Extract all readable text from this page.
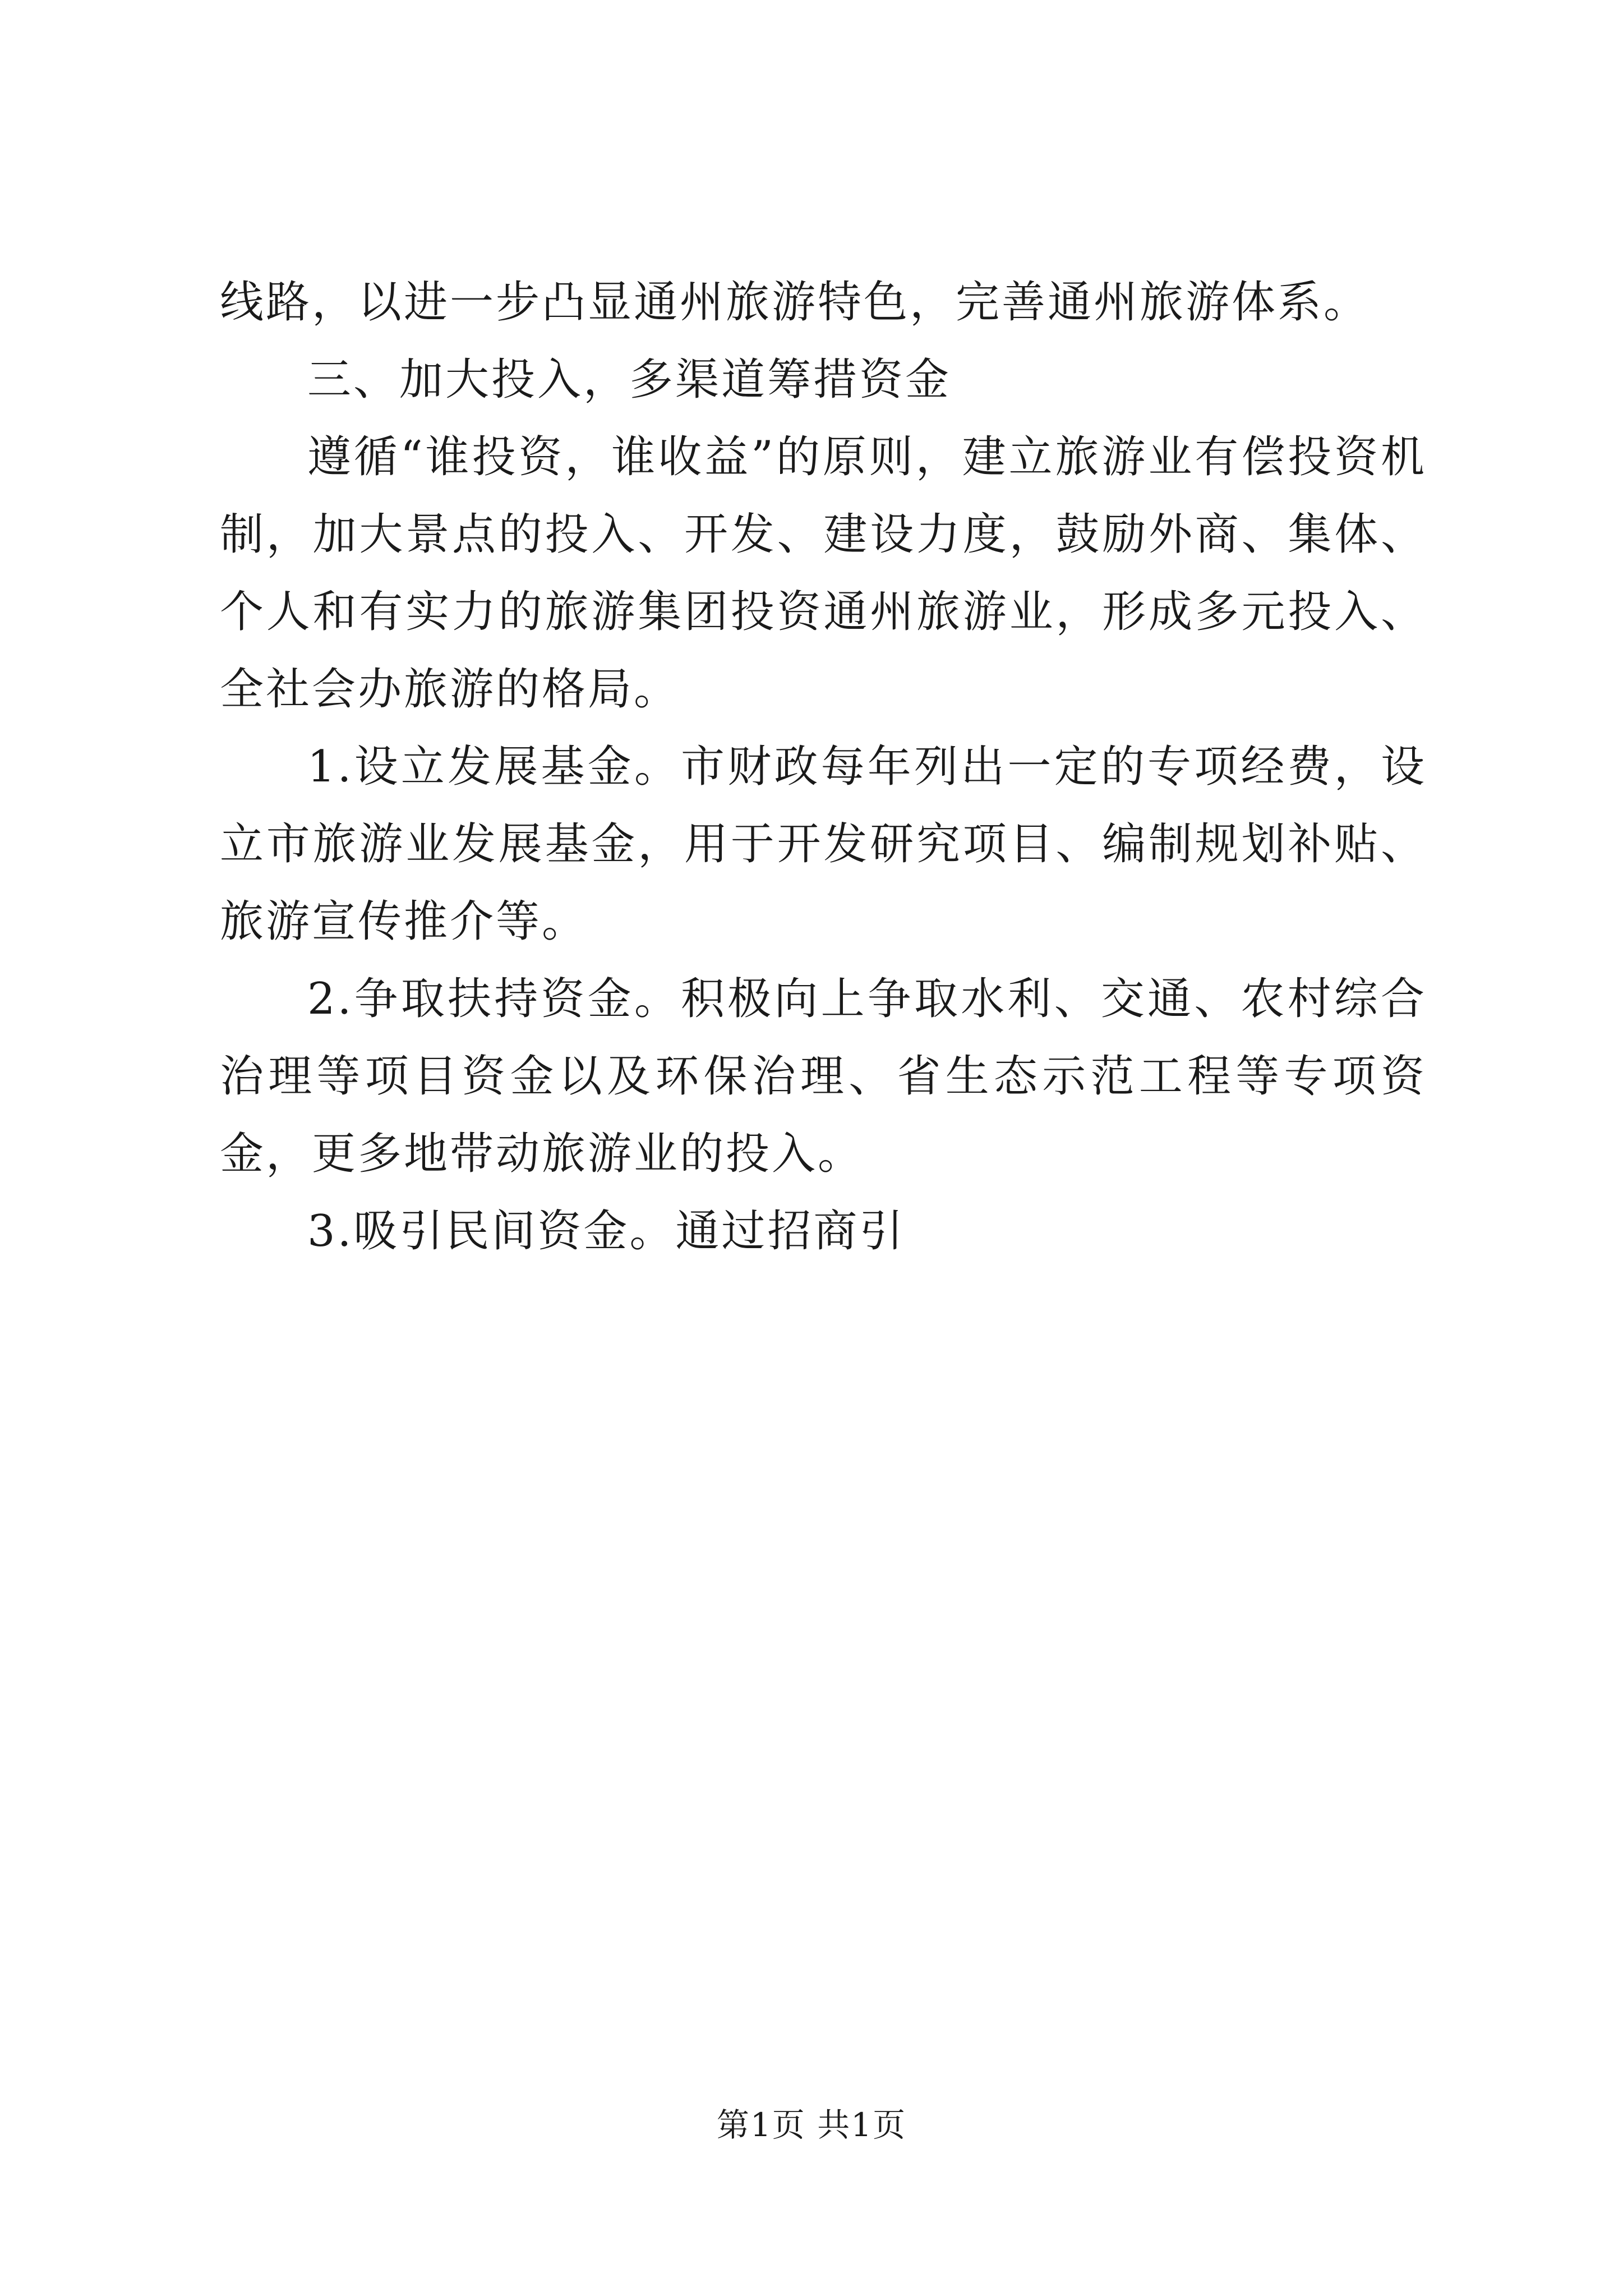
线路，以进一步凸显通州旅游特色，完善通州旅游体系。

三、加大投入，多渠道筹措资金

遵循“谁投资，谁收益”的原则，建立旅游业有偿投资机制，加大景点的投入、开发、建设力度，鼓励外商、集体、个人和有实力的旅游集团投资通州旅游业，形成多元投入、全社会办旅游的格局。

1.设立发展基金。市财政每年列出一定的专项经费，设立市旅游业发展基金，用于开发研究项目、编制规划补贴、旅游宣传推介等。

2.争取扶持资金。积极向上争取水利、交通、农村综合治理等项目资金以及环保治理、省生态示范工程等专项资金，更多地带动旅游业的投入。

3.吸引民间资金。通过招商引

第1页 共1页
